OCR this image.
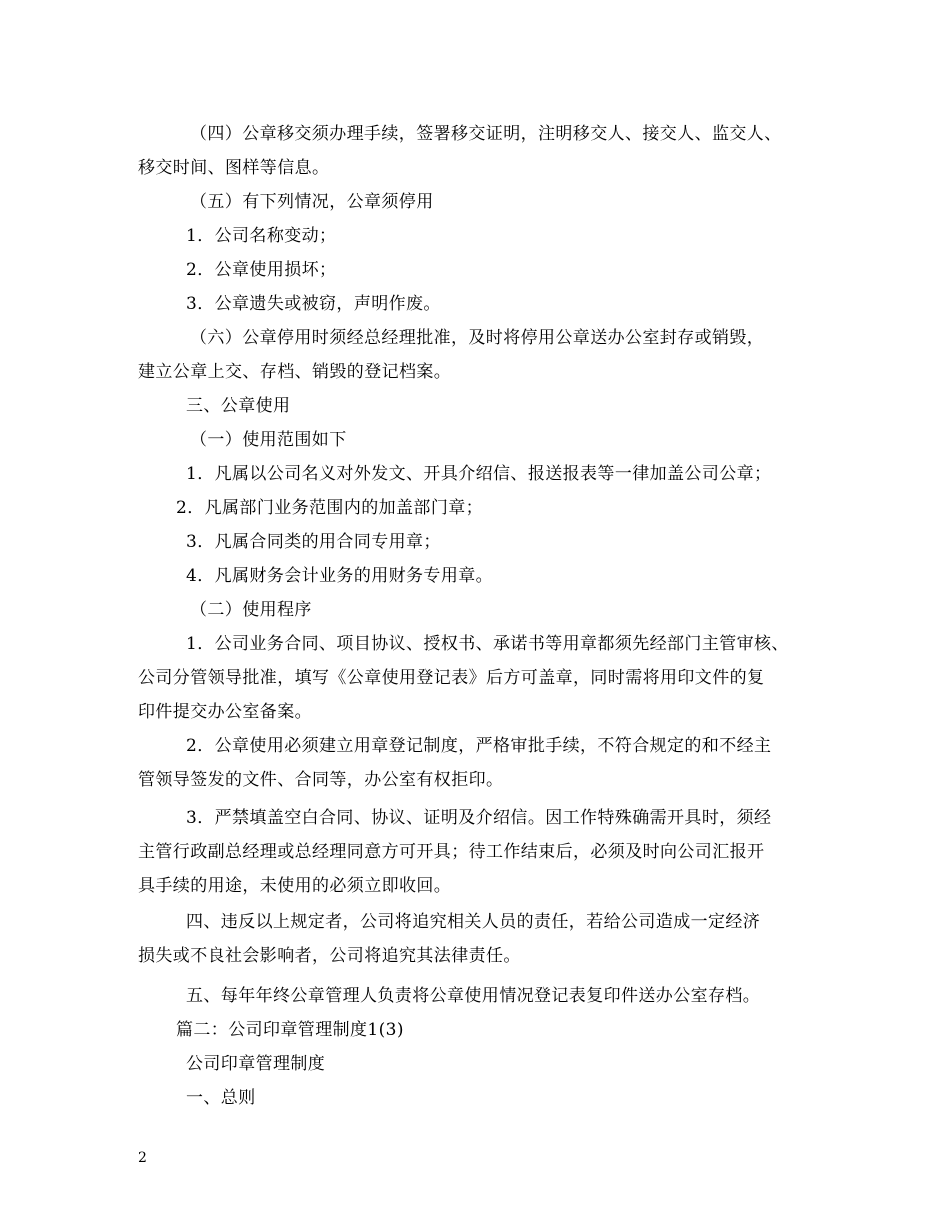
（四）公章移交须办理手续，签署移交证明，注明移交人、接交人、监交人、
移交时间、图样等信息。
（五）有下列情况，公章须停用
1．公司名称变动；
2．公章使用损坏；
3．公章遗失或被窃，声明作废。
（六）公章停用时须经总经理批准，及时将停用公章送办公室封存或销毁，
建立公章上交、存档、销毁的登记档案。
三、公章使用
（一）使用范围如下
1．凡属以公司名义对外发文、开具介绍信、报送报表等一律加盖公司公章；
2．凡属部门业务范围内的加盖部门章；
3．凡属合同类的用合同专用章；
4．凡属财务会计业务的用财务专用章。
（二）使用程序
1．公司业务合同、项目协议、授权书、承诺书等用章都须先经部门主管审核、
公司分管领导批准，填写《公章使用登记表》后方可盖章，同时需将用印文件的复
印件提交办公室备案。
2．公章使用必须建立用章登记制度，严格审批手续，不符合规定的和不经主
管领导签发的文件、合同等，办公室有权拒印。
3．严禁填盖空白合同、协议、证明及介绍信。因工作特殊确需开具时，须经
主管行政副总经理或总经理同意方可开具；待工作结束后，必须及时向公司汇报开
具手续的用途，未使用的必须立即收回。
四、违反以上规定者，公司将追究相关人员的责任，若给公司造成一定经济
损失或不良社会影响者，公司将追究其法律责任。
五、每年年终公章管理人负责将公章使用情况登记表复印件送办公室存档。
篇二：公司印章管理制度1(3)
公司印章管理制度
一、总则
2
